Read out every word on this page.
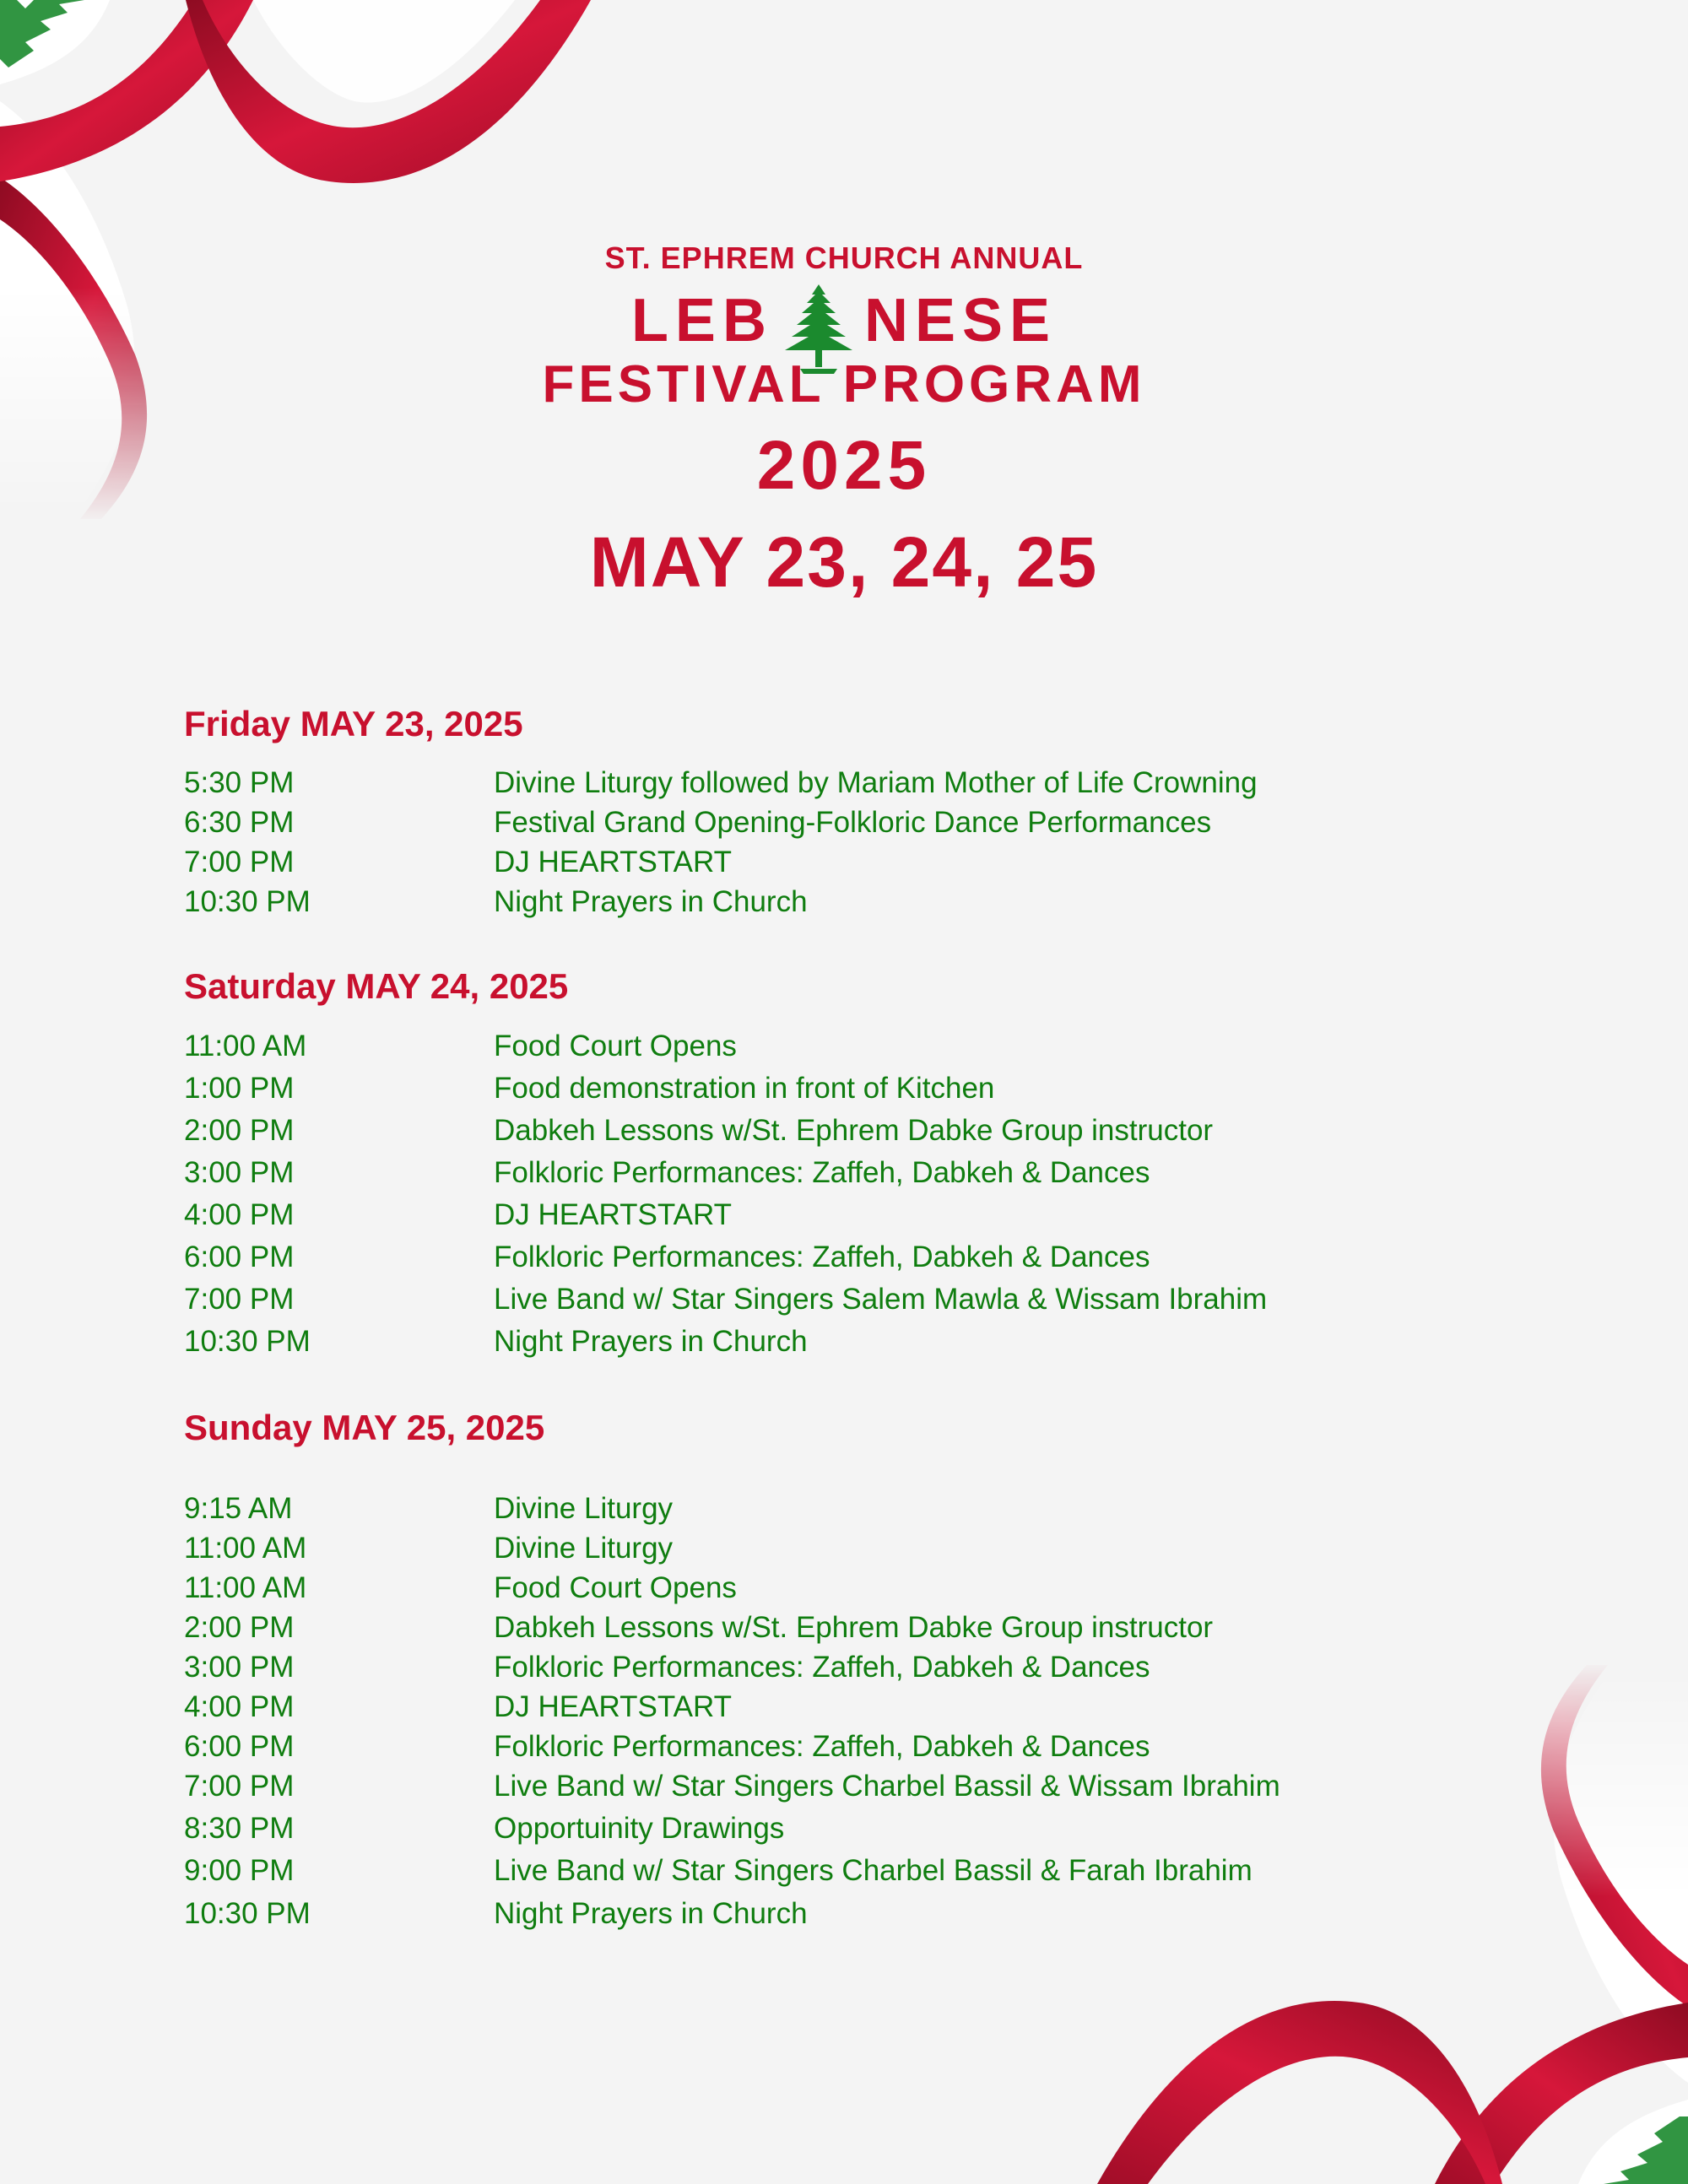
ST. EPHREM CHURCH ANNUAL
LEB NESE
FESTIVAL PROGRAM
2025
MAY 23, 24, 25
Friday MAY 23, 2025
5:30 PM	Divine Liturgy followed by Mariam Mother of Life Crowning
6:30 PM	Festival Grand Opening-Folkloric Dance Performances
7:00 PM	DJ HEARTSTART
10:30 PM	Night Prayers in Church
Saturday MAY 24, 2025
11:00 AM	Food Court Opens
1:00 PM	Food demonstration in front of Kitchen
2:00 PM	Dabkeh Lessons w/St. Ephrem Dabke Group instructor
3:00 PM	Folkloric Performances: Zaffeh, Dabkeh & Dances
4:00 PM	DJ HEARTSTART
6:00 PM	Folkloric Performances: Zaffeh, Dabkeh & Dances
7:00 PM	Live Band w/ Star Singers Salem Mawla & Wissam Ibrahim
10:30 PM	Night Prayers in Church
Sunday MAY 25, 2025
9:15 AM	Divine Liturgy
11:00 AM	Divine Liturgy
11:00 AM	Food Court Opens
2:00 PM	Dabkeh Lessons w/St. Ephrem Dabke Group instructor
3:00 PM	Folkloric Performances: Zaffeh, Dabkeh & Dances
4:00 PM	DJ HEARTSTART
6:00 PM	Folkloric Performances: Zaffeh, Dabkeh & Dances
7:00 PM	Live Band w/ Star Singers Charbel Bassil & Wissam Ibrahim
8:30 PM	Opportuinity Drawings
9:00 PM	Live Band w/ Star Singers Charbel Bassil & Farah Ibrahim
10:30 PM	Night Prayers in Church
